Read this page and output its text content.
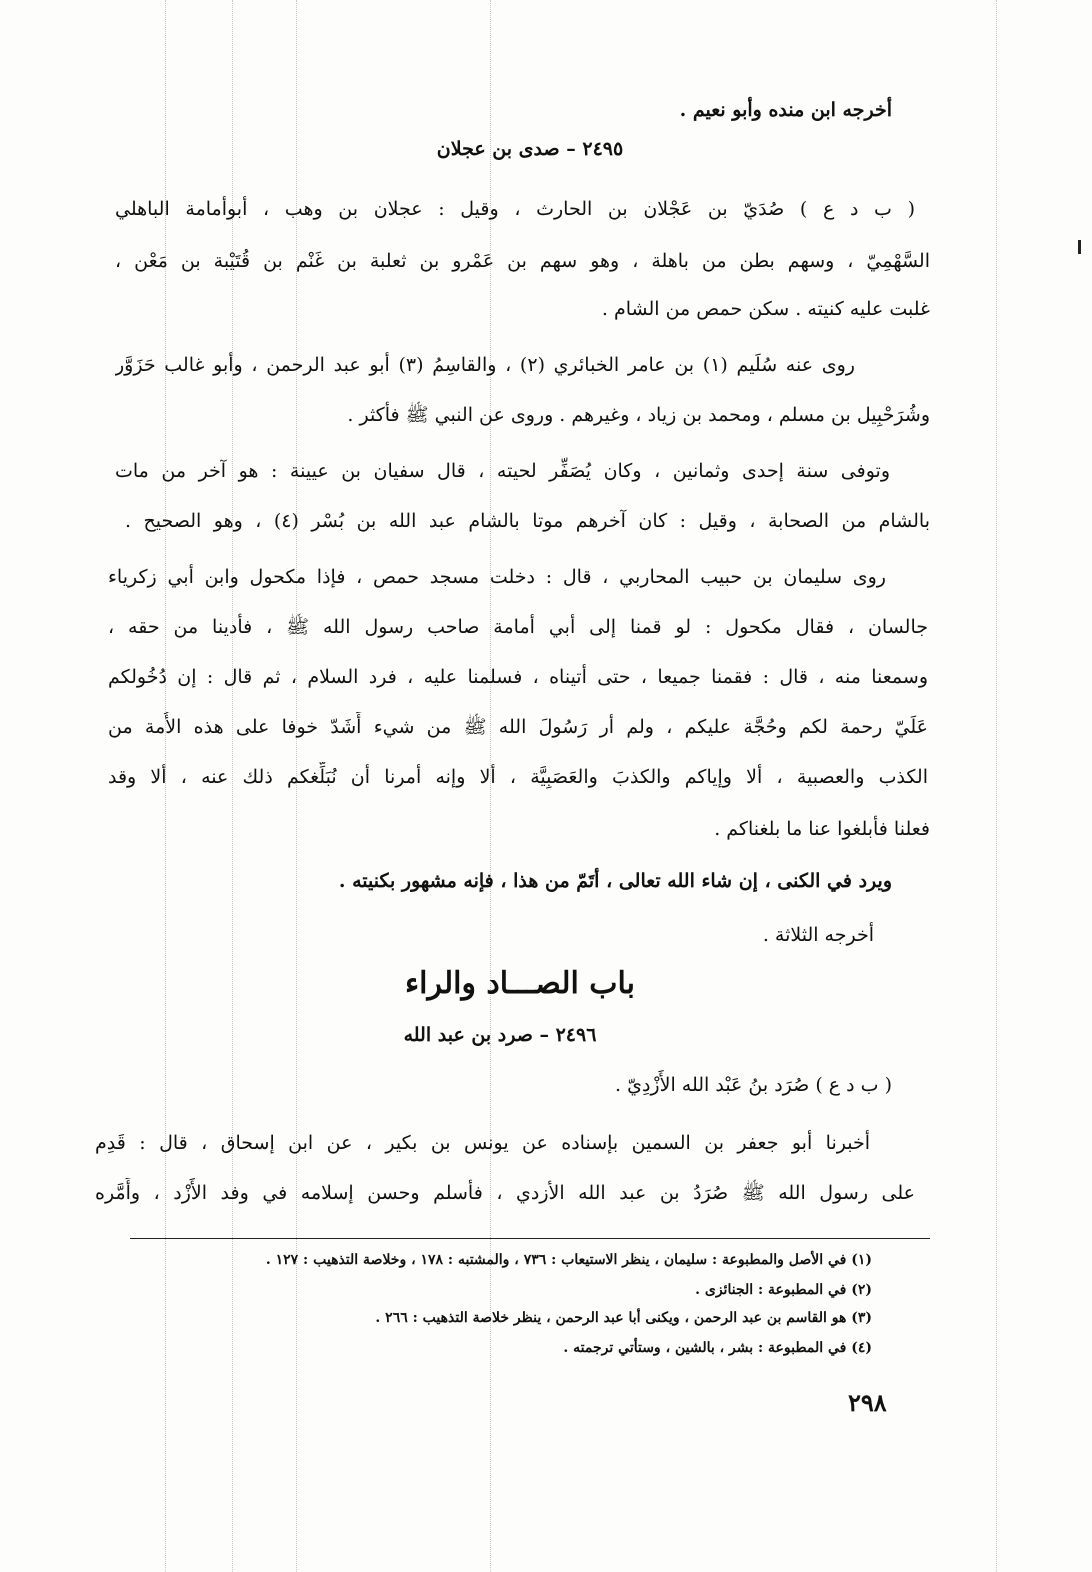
أخرجه ابن منده وأبو نعيم .
٢٤٩٥ – صدى بن عجلان
( ب د ع ) صُدَيّ بن عَجْلان بن الحارث ، وقيل : عجلان بن وهب ، أبوأمامة الباهلي
السَّهْمِيّ ، وسهم بطن من باهلة ، وهو سهم بن عَمْرو بن ثعلبة بن غَنْم بن قُتَيْبة بن مَعْن ،
غلبت عليه كنيته . سكن حمص من الشام .
روى عنه سُلَيم (١) بن عامر الخبائري (٢) ، والقاسِمُ (٣) أبو عبد الرحمن ، وأبو غالب حَزَوَّر
وشُرَحْبِيل بن مسلم ، ومحمد بن زياد ، وغيرهم . وروى عن النبي ﷺ فأكثر .
وتوفى سنة إحدى وثمانين ، وكان يُصَفِّر لحيته ، قال سفيان بن عيينة : هو آخر من مات
بالشام من الصحابة ، وقيل : كان آخرهم موتا بالشام عبد الله بن بُسْر (٤) ، وهو الصحيح .
روى سليمان بن حبيب المحاربي ، قال : دخلت مسجد حمص ، فإذا مكحول وابن أبي زكرياء
جالسان ، فقال مكحول : لو قمنا إلى أبي أمامة صاحب رسول الله ﷺ ، فأدينا من حقه ،
وسمعنا منه ، قال : فقمنا جميعا ، حتى أتيناه ، فسلمنا عليه ، فرد السلام ، ثم قال : إن دُخُولكم
عَلَيّ رحمة لكم وحُجَّة عليكم ، ولم أر رَسُولَ الله ﷺ من شيء أَشَدّ خوفا على هذه الأُمة من
الكذب والعصبية ، ألا وإياكم والكذبَ والعَصَبِيَّة ، ألا وإنه أمرنا أن نُبَلِّغكم ذلك عنه ، ألا وقد
فعلنا فأبلغوا عنا ما بلغناكم .
ويرد في الكنى ، إن شاء الله تعالى ، أتَمّ من هذا ، فإنه مشهور بكنيته .
أخرجه الثلاثة .
باب الصـــاد والراء
٢٤٩٦ – صرد بن عبد الله
( ب د ع ) صُرَد بنُ عَبْد الله الأَزْدِيّ .
أخبرنا أبو جعفر بن السمين بإسناده عن يونس بن بكير ، عن ابن إسحاق ، قال : قَدِم
على رسول الله ﷺ صُرَدُ بن عبد الله الأزدي ، فأسلم وحسن إسلامه في وفد الأَزْد ، وأَمَّره
(١) في الأصل والمطبوعة : سليمان ، ينظر الاستيعاب : ٧٣٦ ، والمشتبه : ١٧٨ ، وخلاصة التذهيب : ١٢٧ .
(٢) في المطبوعة : الجنائزى .
(٣) هو القاسم بن عبد الرحمن ، ويكنى أبا عبد الرحمن ، ينظر خلاصة التذهيب : ٢٦٦ .
(٤) في المطبوعة : بشر ، بالشين ، وستأتي ترجمته .
٢٩٨
